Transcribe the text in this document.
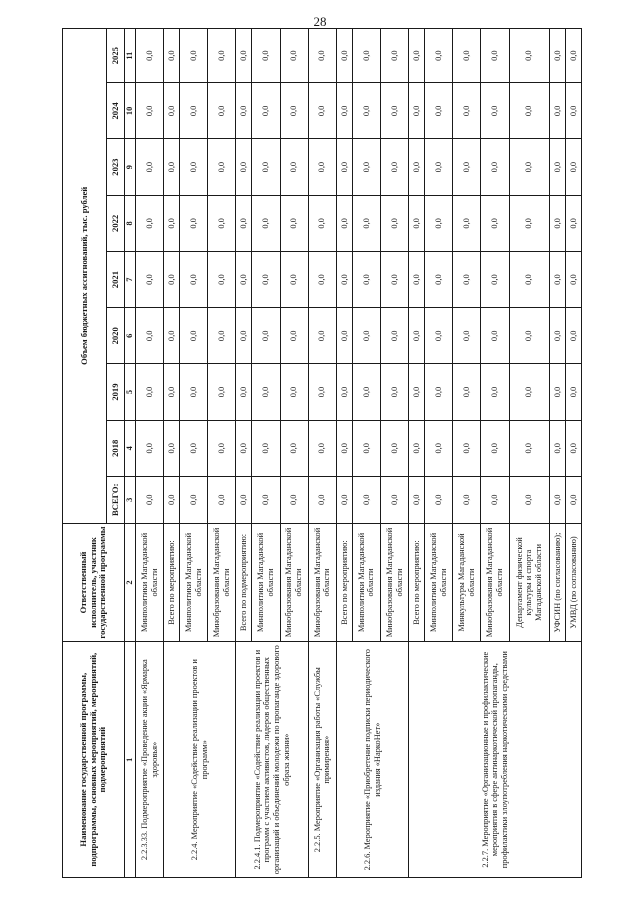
28
Наименование государственной программы, подпрограммы, основных мероприятий, мероприятий, подмероприятий	Ответственный исполнитель, участник государственной программы	Объем бюджетных ассигнований, тыс. рублей								
		ВСЕГО:	2018	2019	2020	2021	2022	2023	2024	2025
1	2	3	4	5	6	7	8	9	10	11
2.2.3.33. Подмероприятие «Проведение акции «Ярмарка здоровья»	Минполитики Магаданской области	0,0	0,0	0,0	0,0	0,0	0,0	0,0	0,0	0,0
2.2.4. Мероприятие «Содействие реализации проектов и программ»	Всего по мероприятию:	0,0	0,0	0,0	0,0	0,0	0,0	0,0	0,0	0,0
	Минполитики Магаданской области	0,0	0,0	0,0	0,0	0,0	0,0	0,0	0,0	0,0
	Минобразования Магаданской области	0,0	0,0	0,0	0,0	0,0	0,0	0,0	0,0	0,0
2.2.4.1. Подмероприятие «Содействие реализации проектов и программ с участием активистов, лидеров общественных организаций и объединений молодежи по пропаганде здорового образа жизни»	Всего по подмероприятию:	0,0	0,0	0,0	0,0	0,0	0,0	0,0	0,0	0,0
	Минполитики Магаданской области	0,0	0,0	0,0	0,0	0,0	0,0	0,0	0,0	0,0
	Минобразования Магаданской области	0,0	0,0	0,0	0,0	0,0	0,0	0,0	0,0	0,0
2.2.5. Мероприятие «Организация работы «Службы примирения»	Минобразования Магаданской области	0,0	0,0	0,0	0,0	0,0	0,0	0,0	0,0	0,0
2.2.6. Мероприятие «Приобретение подписки периодического издания «НаркоНет»	Всего по мероприятию:	0,0	0,0	0,0	0,0	0,0	0,0	0,0	0,0	0,0
	Минполитики Магаданской области	0,0	0,0	0,0	0,0	0,0	0,0	0,0	0,0	0,0
	Минобразования Магаданской области	0,0	0,0	0,0	0,0	0,0	0,0	0,0	0,0	0,0
2.2.7. Мероприятие «Организационные и профилактические мероприятия в сфере антинаркотической пропаганды, профилактики злоупотребления наркотическими средствами	Всего по мероприятию:	0,0	0,0	0,0	0,0	0,0	0,0	0,0	0,0	0,0
	Минполитики Магаданской области	0,0	0,0	0,0	0,0	0,0	0,0	0,0	0,0	0,0
	Минкультуры Магаданской области	0,0	0,0	0,0	0,0	0,0	0,0	0,0	0,0	0,0
	Минобразования Магаданской области	0,0	0,0	0,0	0,0	0,0	0,0	0,0	0,0	0,0
	Департамент физической культуры и спорта Магаданской области	0,0	0,0	0,0	0,0	0,0	0,0	0,0	0,0	0,0
	УФСИН (по согласованию);	0,0	0,0	0,0	0,0	0,0	0,0	0,0	0,0	0,0
	УМВД (по согласованию)	0,0	0,0	0,0	0,0	0,0	0,0	0,0	0,0	0,0
